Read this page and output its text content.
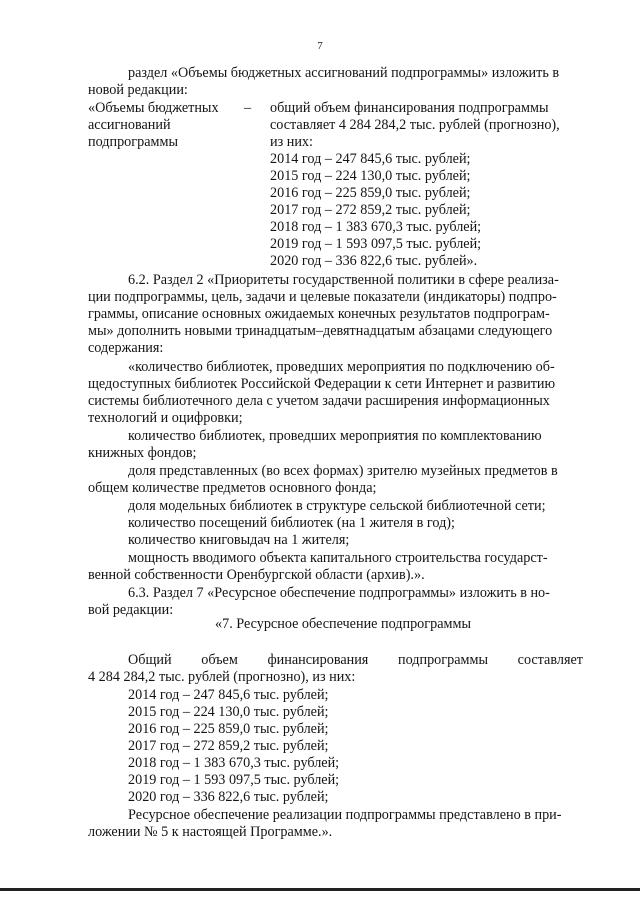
7
раздел «Объемы бюджетных ассигнований подпрограммы» изложить в
новой редакции:
«Объемы бюджетных
ассигнований
подпрограммы
– общий объем финансирования подпрограммы
составляет 4 284 284,2 тыс. рублей (прогнозно),
из них:
2014 год – 247 845,6 тыс. рублей;
2015 год – 224 130,0 тыс. рублей;
2016 год – 225 859,0 тыс. рублей;
2017 год – 272 859,2 тыс. рублей;
2018 год – 1 383 670,3 тыс. рублей;
2019 год – 1 593 097,5 тыс. рублей;
2020 год – 336 822,6 тыс. рублей».
6.2. Раздел 2 «Приоритеты государственной политики в сфере реализа-
ции подпрограммы, цель, задачи и целевые показатели (индикаторы) подпро-
граммы, описание основных ожидаемых конечных результатов подпрограм-
мы» дополнить новыми тринадцатым–девятнадцатым абзацами следующего
содержания:
«количество библиотек, проведших мероприятия по подключению об-
щедоступных библиотек Российской Федерации к сети Интернет и развитию
системы библиотечного дела с учетом задачи расширения информационных
технологий и оцифровки;
количество библиотек, проведших мероприятия по комплектованию
книжных фондов;
доля представленных (во всех формах) зрителю музейных предметов в
общем количестве предметов основного фонда;
доля модельных библиотек в структуре сельской библиотечной сети;
количество посещений библиотек (на 1 жителя в год);
количество книговыдач на 1 жителя;
мощность вводимого объекта капитального строительства государст-
венной собственности Оренбургской области (архив).».
6.3. Раздел 7 «Ресурсное обеспечение подпрограммы» изложить в но-
вой редакции:
«7. Ресурсное обеспечение подпрограммы
Общий объем финансирования подпрограммы составляет
4 284 284,2 тыс. рублей (прогнозно), из них:
2014 год – 247 845,6 тыс. рублей;
2015 год – 224 130,0 тыс. рублей;
2016 год – 225 859,0 тыс. рублей;
2017 год – 272 859,2 тыс. рублей;
2018 год – 1 383 670,3 тыс. рублей;
2019 год – 1 593 097,5 тыс. рублей;
2020 год – 336 822,6 тыс. рублей;
Ресурсное обеспечение реализации подпрограммы представлено в при-
ложении № 5 к настоящей Программе.».
